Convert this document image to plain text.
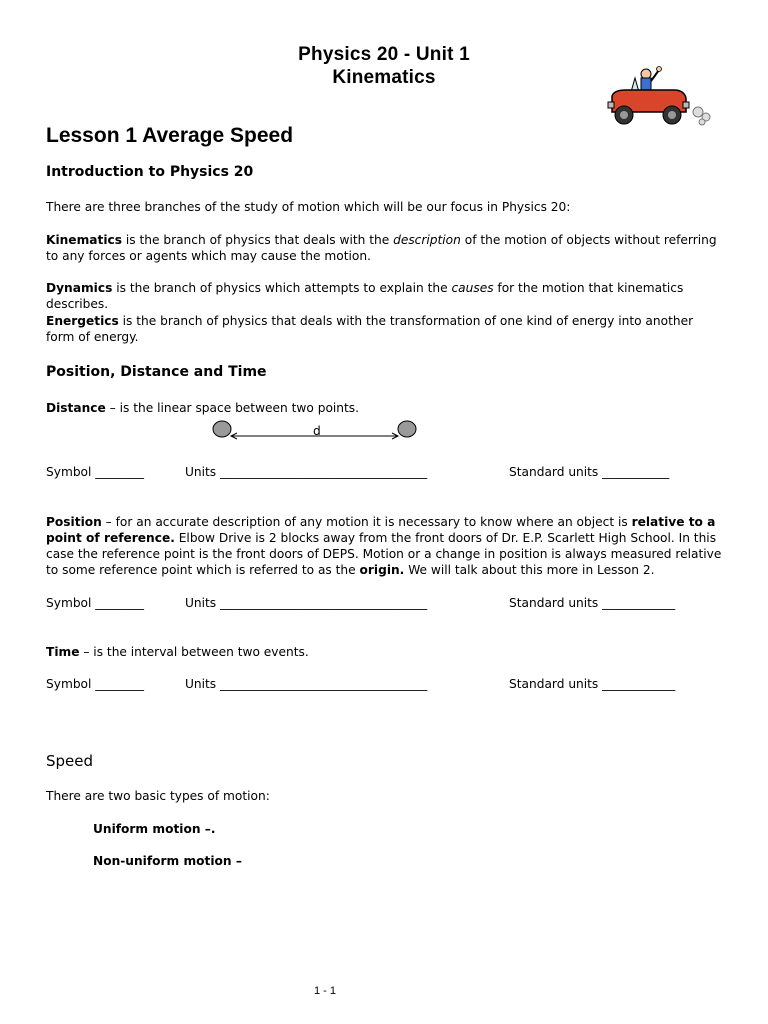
Physics 20 - Unit 1
Kinematics
Lesson 1 Average Speed
Introduction to Physics 20
There are three branches of the study of motion which will be our focus in Physics 20:
Kinematics is the branch of physics that deals with the description of the motion of objects without referring to any forces or agents which may cause the motion.
Dynamics is the branch of physics which attempts to explain the causes for the motion that kinematics describes.
Energetics is the branch of physics that deals with the transformation of one kind of energy into another form of energy.
Position, Distance and Time
Distance – is the linear space between two points.
d
Symbol ________	Units __________________________________	Standard units ___________
Position – for an accurate description of any motion it is necessary to know where an object is relative to a point of reference. Elbow Drive is 2 blocks away from the front doors of Dr. E.P. Scarlett High School. In this case the reference point is the front doors of DEPS. Motion or a change in position is always measured relative to some reference point which is referred to as the origin. We will talk about this more in Lesson 2.
Symbol ________	Units __________________________________	Standard units ____________
Time – is the interval between two events.
Symbol ________	Units __________________________________	Standard units ____________
Speed
There are two basic types of motion:
Uniform motion –.
Non-uniform motion –
1 - 1
